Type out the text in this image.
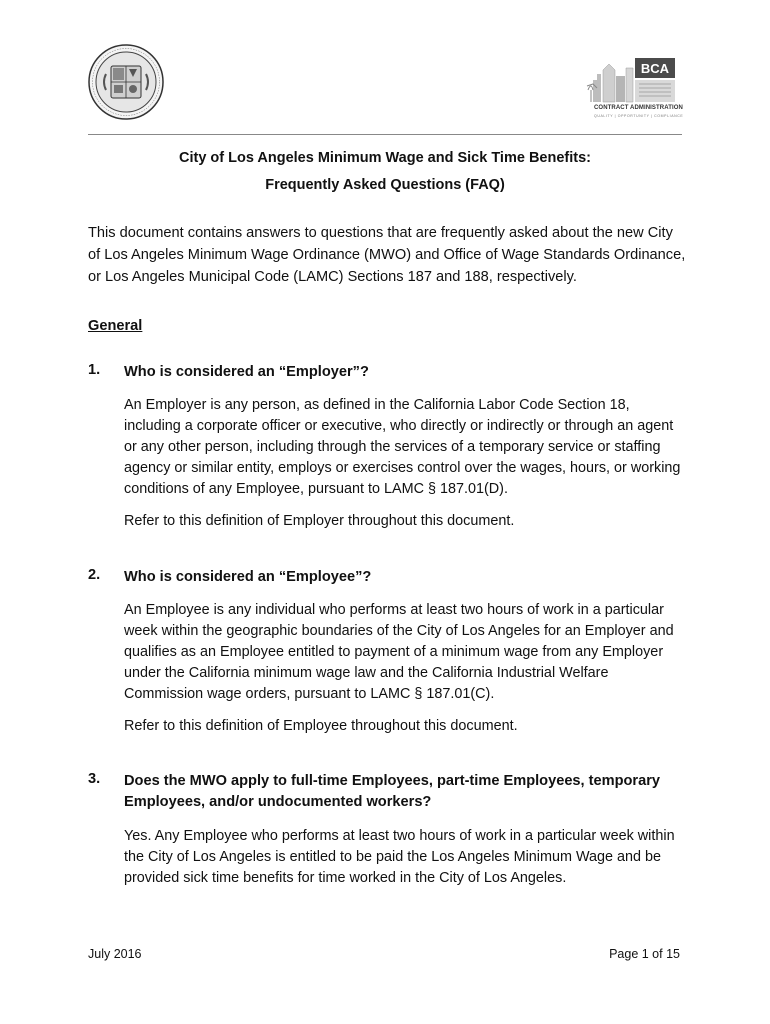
BCA
CONTRACT ADMINISTRATION
QUALITY | OPPORTUNITY | COMPLIANCE
City of Los Angeles Minimum Wage and Sick Time Benefits:
Frequently Asked Questions (FAQ)
This document contains answers to questions that are frequently asked about the new City of Los Angeles Minimum Wage Ordinance (MWO) and Office of Wage Standards Ordinance, or Los Angeles Municipal Code (LAMC) Sections 187 and 188, respectively.
General
1. Who is considered an “Employer”?
An Employer is any person, as defined in the California Labor Code Section 18, including a corporate officer or executive, who directly or indirectly or through an agent or any other person, including through the services of a temporary service or staffing agency or similar entity, employs or exercises control over the wages, hours, or working conditions of any Employee, pursuant to LAMC § 187.01(D).
Refer to this definition of Employer throughout this document.
2. Who is considered an “Employee”?
An Employee is any individual who performs at least two hours of work in a particular week within the geographic boundaries of the City of Los Angeles for an Employer and qualifies as an Employee entitled to payment of a minimum wage from any Employer under the California minimum wage law and the California Industrial Welfare Commission wage orders, pursuant to LAMC § 187.01(C).
Refer to this definition of Employee throughout this document.
3. Does the MWO apply to full-time Employees, part-time Employees, temporary Employees, and/or undocumented workers?
Yes. Any Employee who performs at least two hours of work in a particular week within the City of Los Angeles is entitled to be paid the Los Angeles Minimum Wage and be provided sick time benefits for time worked in the City of Los Angeles.
July 2016	Page 1 of 15
